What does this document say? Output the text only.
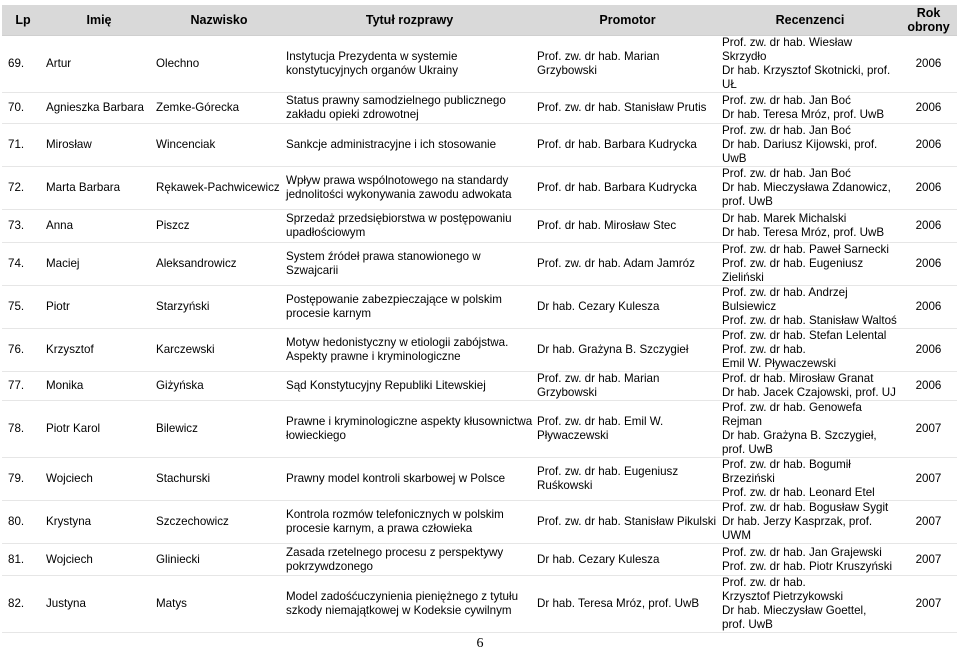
Lp	Imię	Nazwisko	Tytuł rozprawy	Promotor	Recenzenci	Rok obrony
69.	Artur	Olechno	Instytucja Prezydenta w systemie konstytucyjnych organów Ukrainy	Prof. zw. dr hab. Marian Grzybowski	Prof. zw. dr hab. Wiesław Skrzydło
Dr hab. Krzysztof Skotnicki, prof. UŁ	2006
70.	Agnieszka Barbara	Zemke-Górecka	Status prawny samodzielnego publicznego zakładu opieki zdrowotnej	Prof. zw. dr hab. Stanisław Prutis	Prof. zw. dr hab. Jan Boć
Dr hab. Teresa Mróz, prof. UwB	2006
71.	Mirosław	Wincenciak	Sankcje administracyjne i ich stosowanie	Prof. dr hab. Barbara Kudrycka	Prof. zw. dr hab. Jan Boć
Dr hab. Dariusz Kijowski, prof. UwB	2006
72.	Marta Barbara	Rękawek-Pachwicewicz	Wpływ prawa wspólnotowego na standardy jednolitości wykonywania zawodu adwokata	Prof. dr hab. Barbara Kudrycka	Prof. zw. dr hab. Jan Boć
Dr hab. Mieczysława Zdanowicz,
prof. UwB	2006
73.	Anna	Piszcz	Sprzedaż przedsiębiorstwa w postępowaniu upadłościowym	Prof. dr hab. Mirosław Stec	Dr hab. Marek Michalski
Dr hab. Teresa Mróz, prof. UwB	2006
74.	Maciej	Aleksandrowicz	System źródeł prawa stanowionego w Szwajcarii	Prof. zw. dr hab. Adam Jamróz	Prof. zw. dr hab. Paweł Sarnecki
Prof. zw. dr hab. Eugeniusz Zieliński	2006
75.	Piotr	Starzyński	Postępowanie zabezpieczające w polskim procesie karnym	Dr hab. Cezary Kulesza	Prof. zw. dr hab. Andrzej Bulsiewicz
Prof. zw. dr hab. Stanisław Waltoś	2006
76.	Krzysztof	Karczewski	Motyw hedonistyczny w etiologii zabójstwa. Aspekty prawne i kryminologiczne	Dr hab. Grażyna B. Szczygieł	Prof. zw. dr hab. Stefan Lelental
Prof. zw. dr hab.
Emil W. Pływaczewski	2006
77.	Monika	Giżyńska	Sąd Konstytucyjny Republiki Litewskiej	Prof. zw. dr hab. Marian Grzybowski	Prof. dr hab. Mirosław Granat
Dr hab. Jacek Czajowski, prof. UJ	2006
78.	Piotr Karol	Bilewicz	Prawne i kryminologiczne aspekty kłusownictwa łowieckiego	Prof. zw. dr hab. Emil W. Pływaczewski	Prof. zw. dr hab. Genowefa Rejman
Dr hab. Grażyna B. Szczygieł,
prof. UwB	2007
79.	Wojciech	Stachurski	Prawny model kontroli skarbowej w Polsce	Prof. zw. dr hab. Eugeniusz Ruśkowski	Prof. zw. dr hab. Bogumił Brzeziński
Prof. zw. dr hab. Leonard Etel	2007
80.	Krystyna	Szczechowicz	Kontrola rozmów telefonicznych w polskim procesie karnym, a prawa człowieka	Prof. zw. dr hab. Stanisław Pikulski	Prof. zw. dr hab. Bogusław Sygit
Dr hab. Jerzy Kasprzak, prof. UWM	2007
81.	Wojciech	Gliniecki	Zasada rzetelnego procesu z perspektywy pokrzywdzonego	Dr hab. Cezary Kulesza	Prof. zw. dr hab. Jan Grajewski
Prof. zw. dr hab. Piotr Kruszyński	2007
82.	Justyna	Matys	Model zadośćuczynienia pieniężnego z tytułu szkody niemajątkowej w Kodeksie cywilnym	Dr hab. Teresa Mróz, prof. UwB	Prof. zw. dr hab.
Krzysztof Pietrzykowski
Dr hab. Mieczysław Goettel,
prof. UwB	2007
6
